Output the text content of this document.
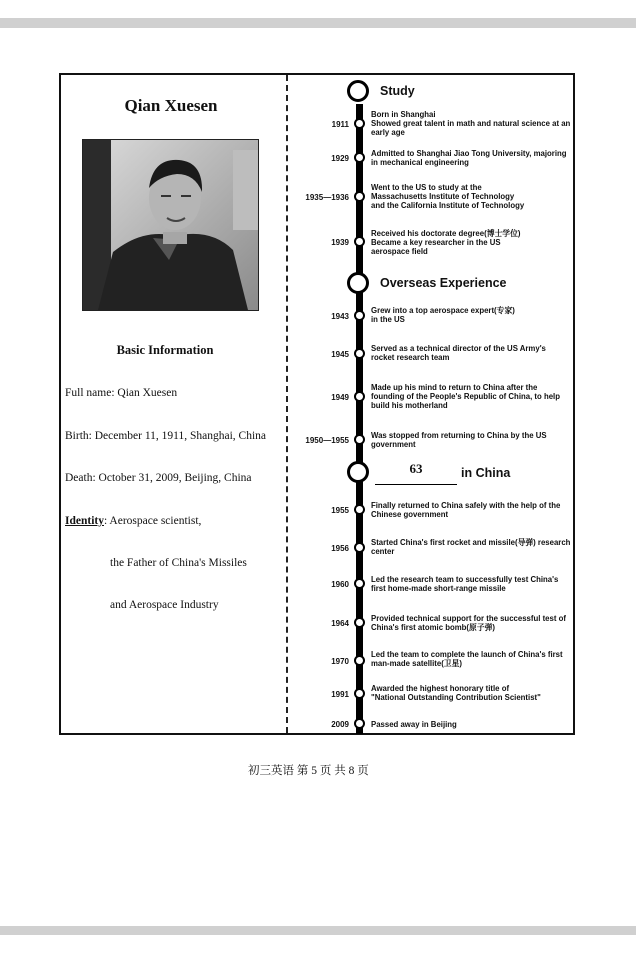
Qian Xuesen
Basic Information
Full name: Qian Xuesen
Birth: December 11, 1911, Shanghai, China
Death: October 31, 2009, Beijing, China
Identity: Aerospace scientist,
the Father of China's Missiles
and Aerospace Industry
Study
Overseas Experience
63	in China
1911
Born in Shanghai
Showed great talent in math and natural science at an early age
1929
Admitted to Shanghai Jiao Tong University, majoring in mechanical engineering
1935—1936
Went to the US to study at the
Massachusetts Institute of Technology
and the California Institute of Technology
1939
Received his doctorate degree(博士学位)
Became a key researcher in the US
aerospace field
1943
Grew into a top aerospace expert(专家)
in the US
1945
Served as a technical director of the US Army's rocket research team
1949
Made up his mind to return to China after the founding of the People's Republic of China, to help build his motherland
1950—1955
Was stopped from returning to China by the US government
1955
Finally returned to China safely with the help of the Chinese government
1956
Started China's first rocket and missile(导弹) research center
1960
Led the research team to successfully test China's first home-made short-range missile
1964
Provided technical support for the successful test of China's first atomic bomb(原子弹)
1970
Led the team to complete the launch of China's first man-made satellite(卫星)
1991
Awarded the highest honorary title of
"National Outstanding Contribution Scientist"
2009	Passed away in Beijing
初三英语 第 5 页 共 8 页
